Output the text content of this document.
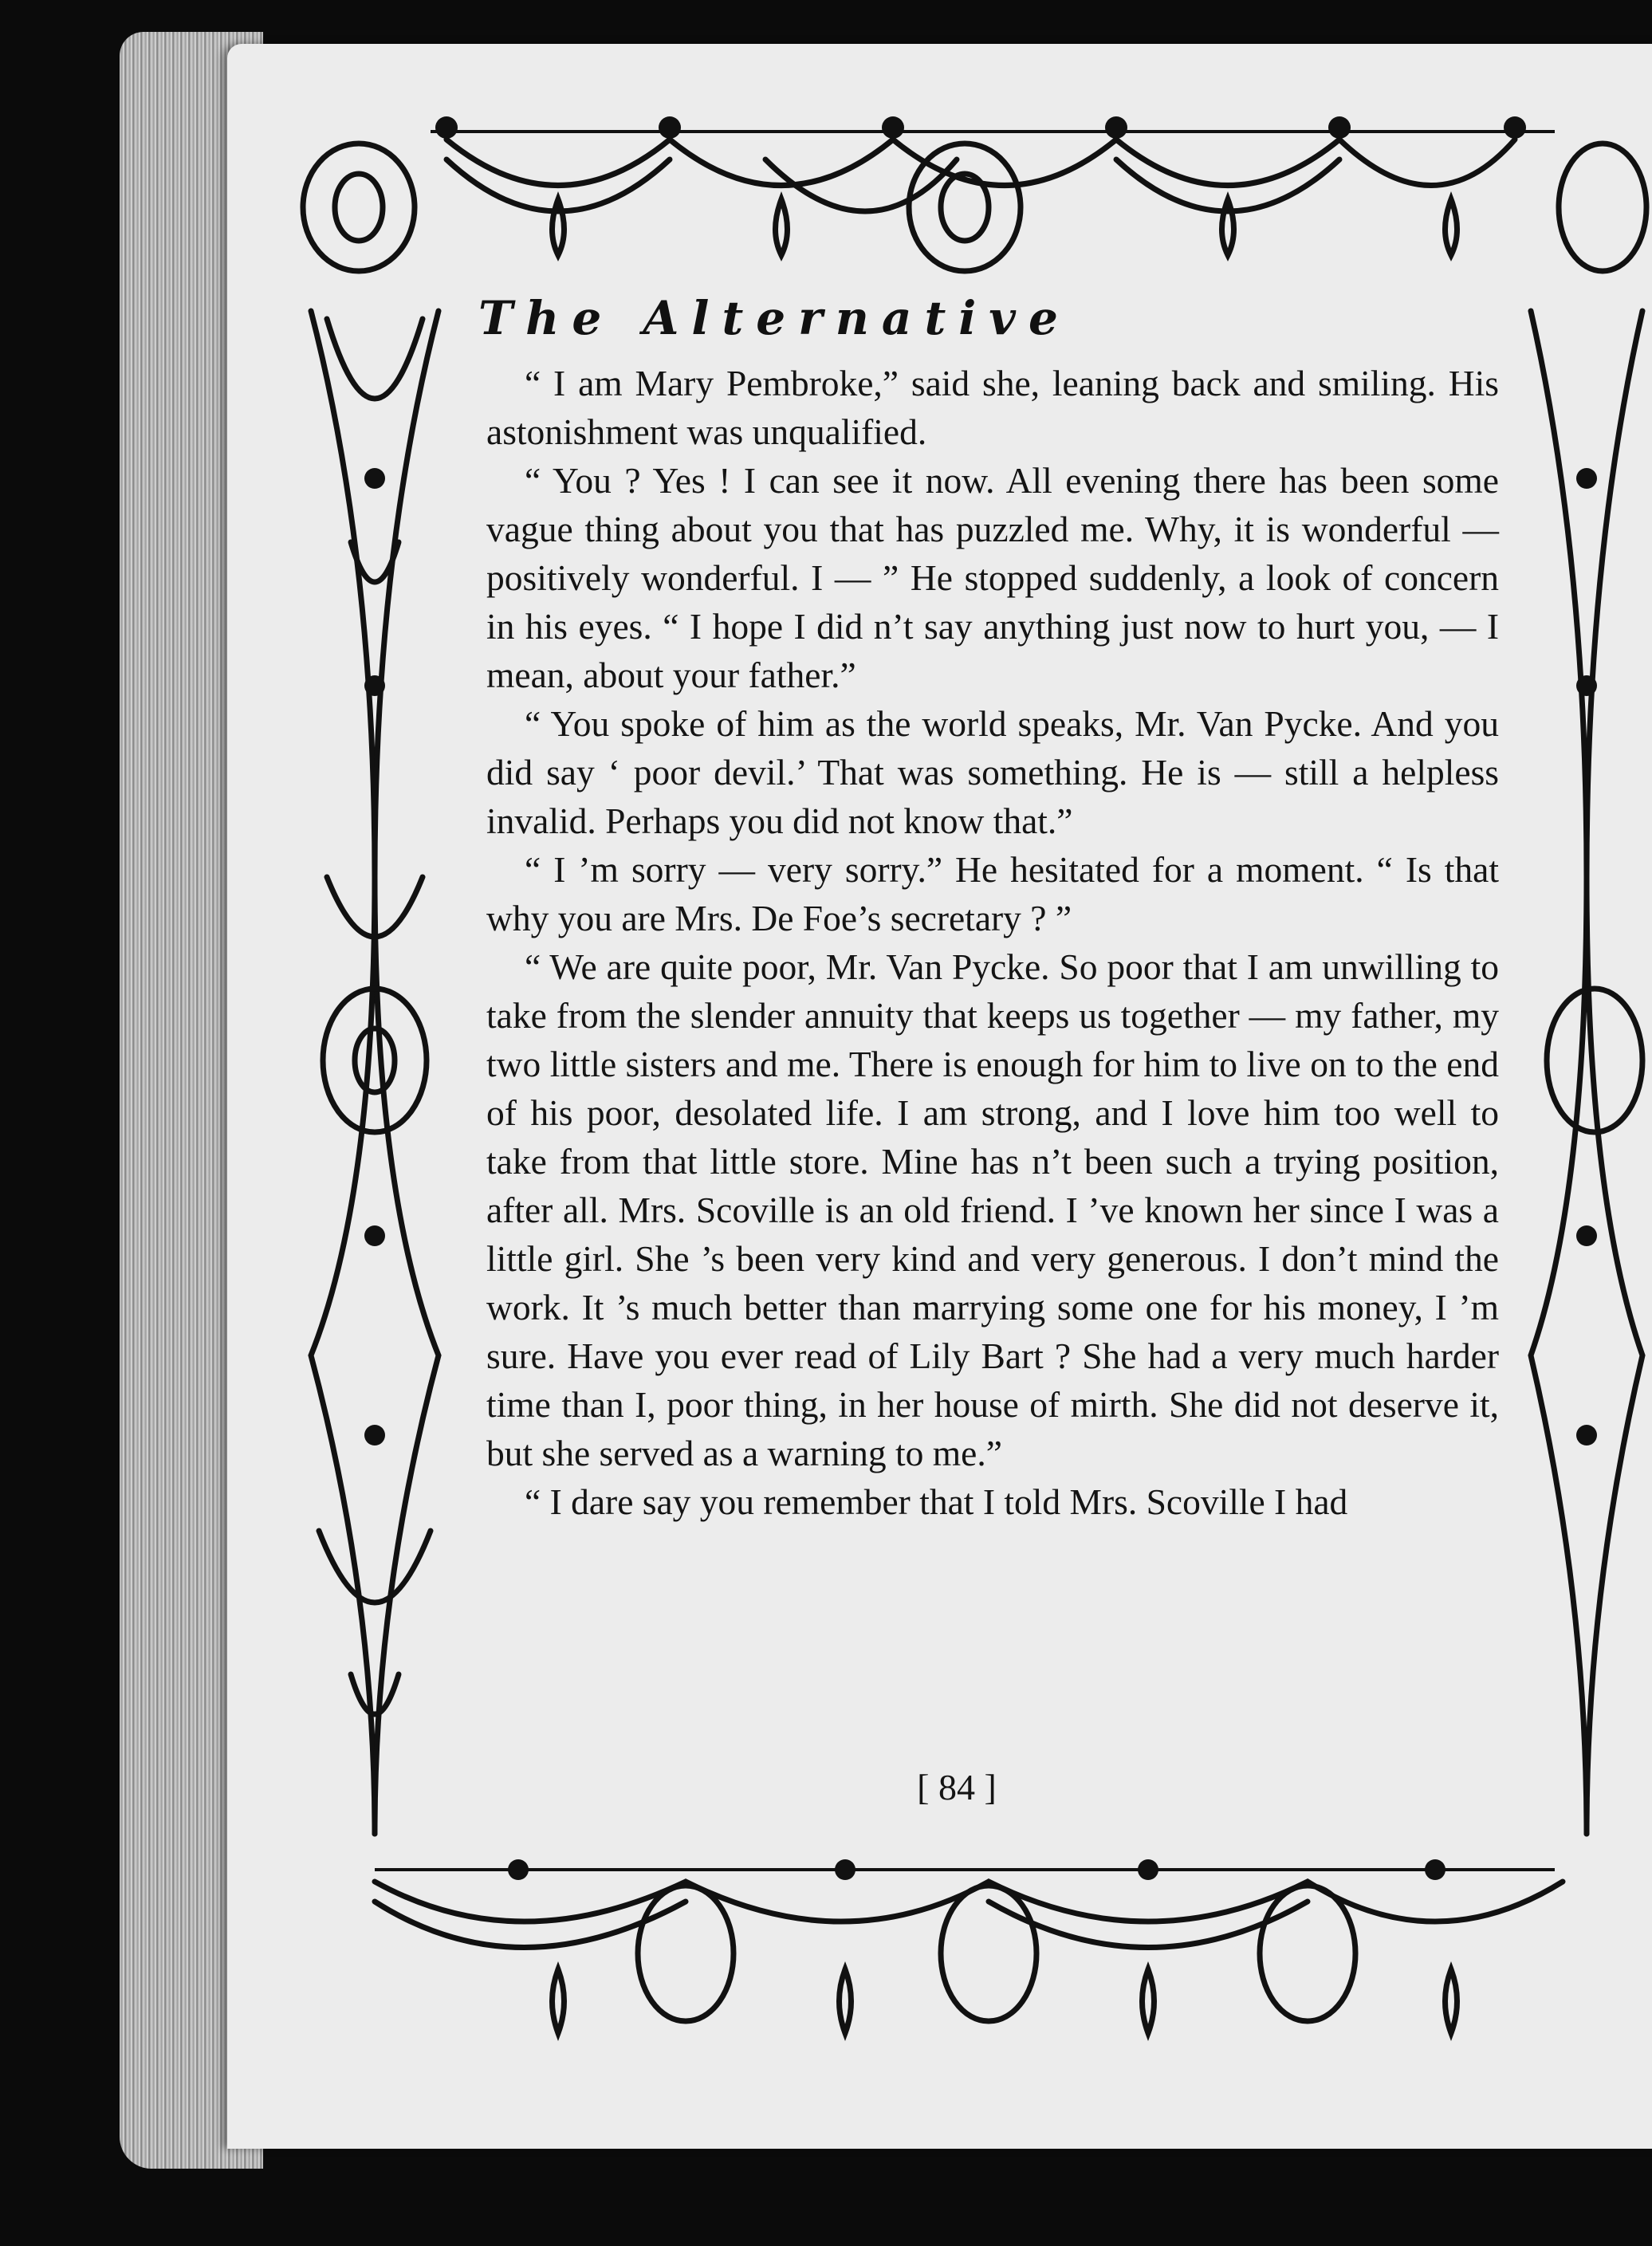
The Alternative

“ I am Mary Pembroke,” said she, leaning back and smiling. His astonishment was unqualified.

“ You ? Yes ! I can see it now. All evening there has been some vague thing about you that has puzzled me. Why, it is wonderful — positively wonderful. I — ” He stopped suddenly, a look of concern in his eyes. “ I hope I did n’t say anything just now to hurt you, — I mean, about your father.”

“ You spoke of him as the world speaks, Mr. Van Pycke. And you did say ‘ poor devil.’ That was something. He is — still a helpless invalid. Perhaps you did not know that.”

“ I ’m sorry — very sorry.” He hesitated for a moment. “ Is that why you are Mrs. De Foe’s secretary ? ”

“ We are quite poor, Mr. Van Pycke. So poor that I am unwilling to take from the slender annuity that keeps us together — my father, my two little sisters and me. There is enough for him to live on to the end of his poor, desolated life. I am strong, and I love him too well to take from that little store. Mine has n’t been such a trying position, after all. Mrs. Scoville is an old friend. I ’ve known her since I was a little girl. She ’s been very kind and very generous. I don’t mind the work. It ’s much better than marrying some one for his money, I ’m sure. Have you ever read of Lily Bart ? She had a very much harder time than I, poor thing, in her house of mirth. She did not deserve it, but she served as a warning to me.”

“ I dare say you remember that I told Mrs. Scoville I had

[ 84 ]
